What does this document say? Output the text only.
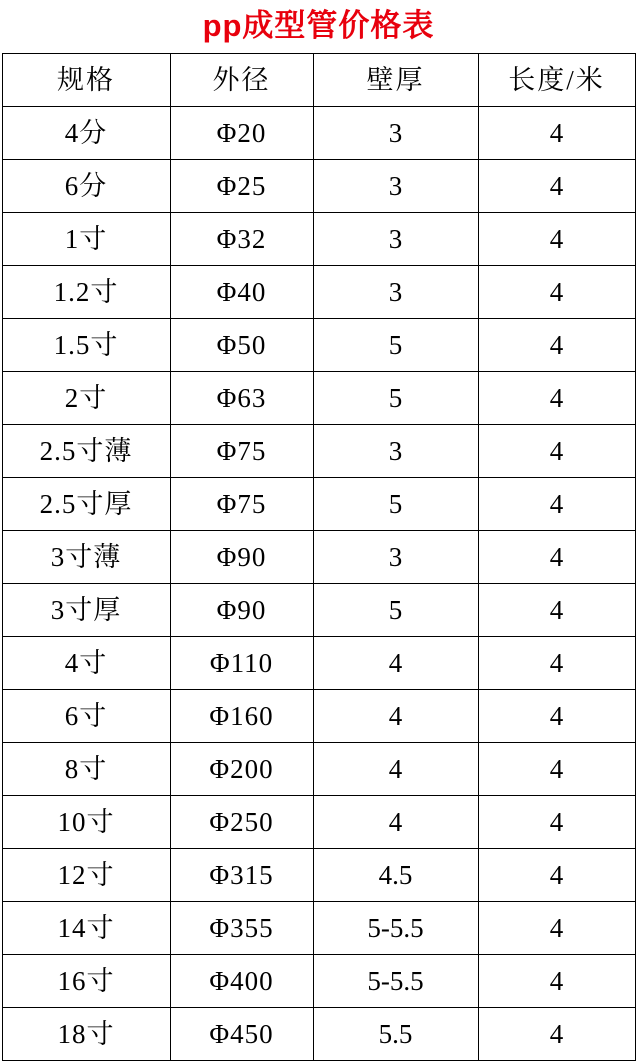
pp成型管价格表
规格	外径	壁厚	长度/米
4分	Φ20	3	4
6分	Φ25	3	4
1寸	Φ32	3	4
1.2寸	Φ40	3	4
1.5寸	Φ50	5	4
2寸	Φ63	5	4
2.5寸薄	Φ75	3	4
2.5寸厚	Φ75	5	4
3寸薄	Φ90	3	4
3寸厚	Φ90	5	4
4寸	Φ110	4	4
6寸	Φ160	4	4
8寸	Φ200	4	4
10寸	Φ250	4	4
12寸	Φ315	4.5	4
14寸	Φ355	5-5.5	4
16寸	Φ400	5-5.5	4
18寸	Φ450	5.5	4
